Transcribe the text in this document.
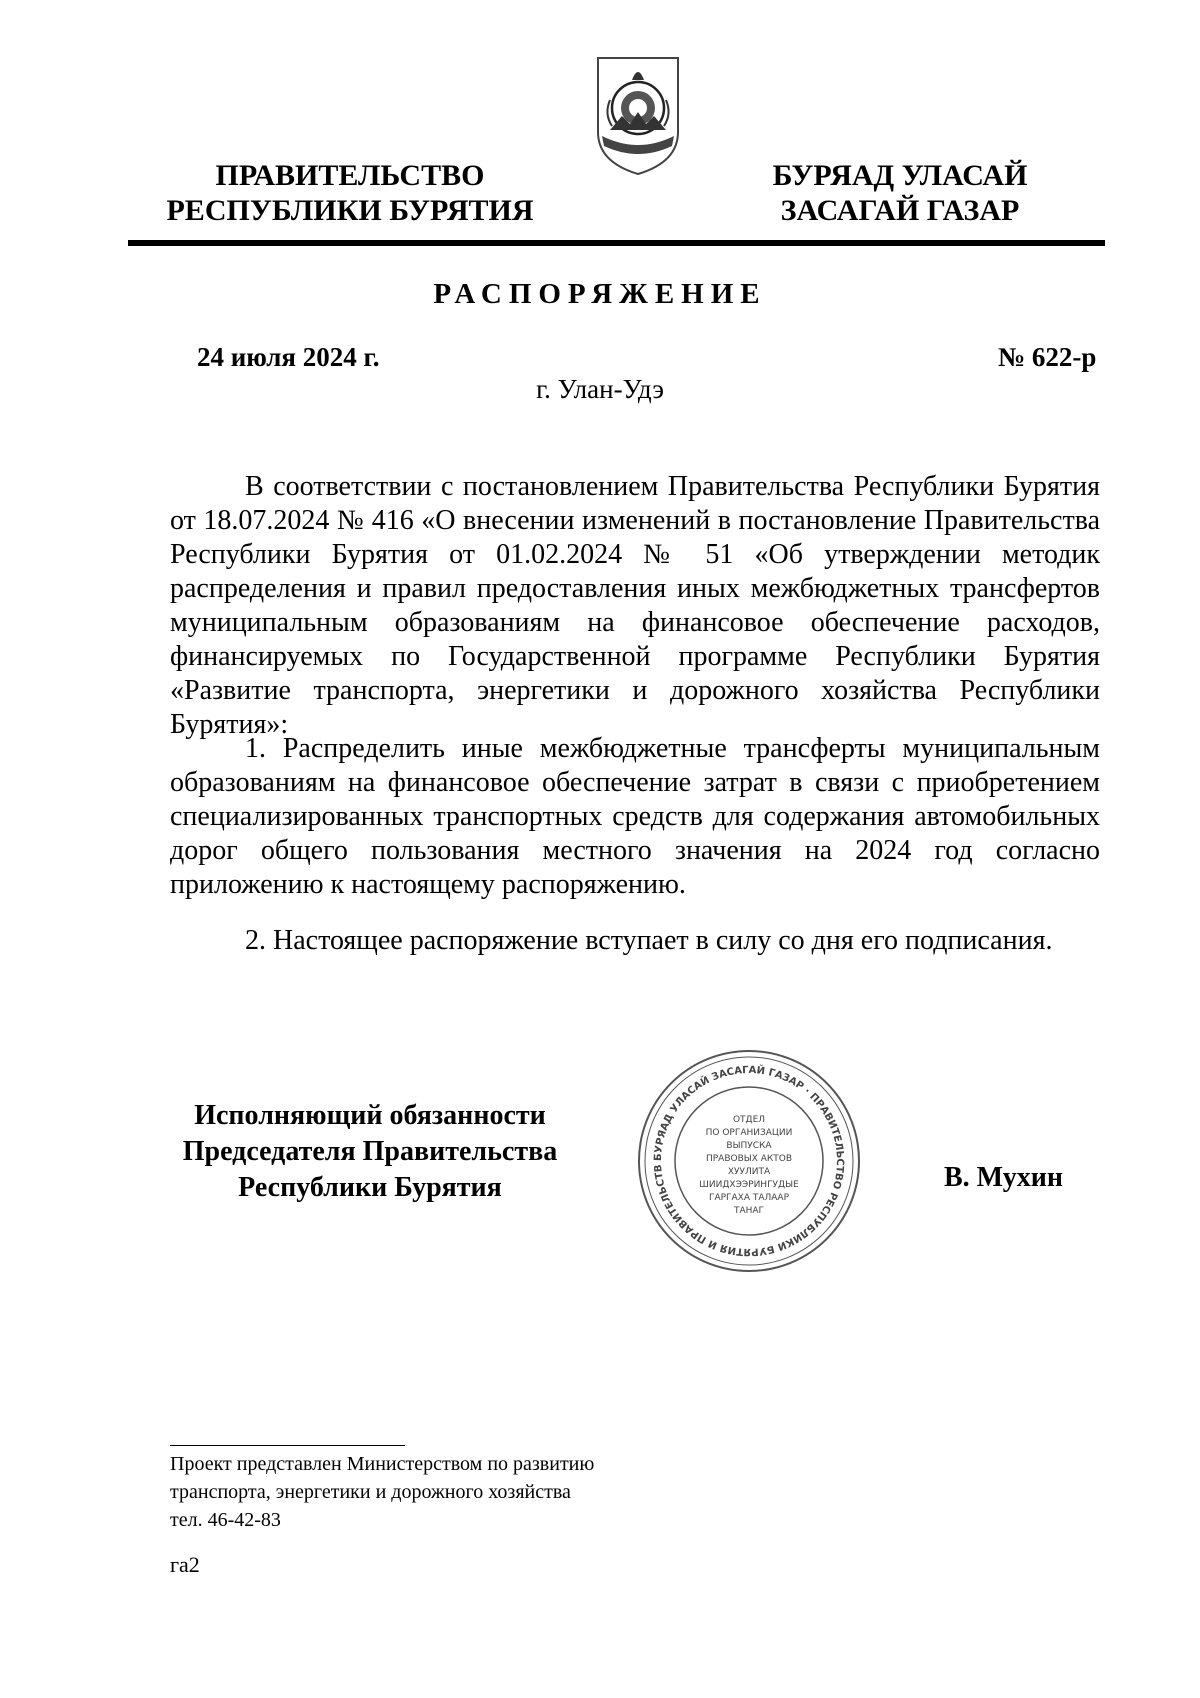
ПРАВИТЕЛЬСТВО
РЕСПУБЛИКИ БУРЯТИЯ
БУРЯАД УЛАСАЙ
ЗАСАГАЙ ГАЗАР
РАСПОРЯЖЕНИЕ
24 июля 2024 г.	№ 622-р
г. Улан-Удэ

В соответствии с постановлением Правительства Республики Бурятия от 18.07.2024 № 416 «О внесении изменений в постановление Правительства Республики Бурятия от 01.02.2024 № 51 «Об утверждении методик распределения и правил предоставления иных межбюджетных трансфертов муниципальным образованиям на финансовое обеспечение расходов, финансируемых по Государственной программе Республики Бурятия «Развитие транспорта, энергетики и дорожного хозяйства Республики Бурятия»:

1. Распределить иные межбюджетные трансферты муниципальным образованиям на финансовое обеспечение затрат в связи с приобретением специализированных транспортных средств для содержания автомобильных дорог общего пользования местного значения на 2024 год согласно приложению к настоящему распоряжению.

2. Настоящее распоряжение вступает в силу со дня его подписания.

Исполняющий обязанности
Председателя Правительства
Республики Бурятия
БУРЯАД УЛАСАЙ ЗАСАГАЙ ГАЗАР · ПРАВИТЕЛЬСТВО РЕСПУБЛИКИ БУРЯТИЯ И ПРАВИТЕЛЬСТВ
ОТДЕЛ
ПО ОРГАНИЗАЦИИ
ВЫПУСКА
ПРАВОВЫХ АКТОВ
ХУУЛИТА
ШИИДХЭЭРИНГУДЫЕ
ГАРГАХА ТАЛААР
ТАНАГ
В. Мухин
Проект представлен Министерством по развитию
транспорта, энергетики и дорожного хозяйства
тел. 46-42-83
га2
